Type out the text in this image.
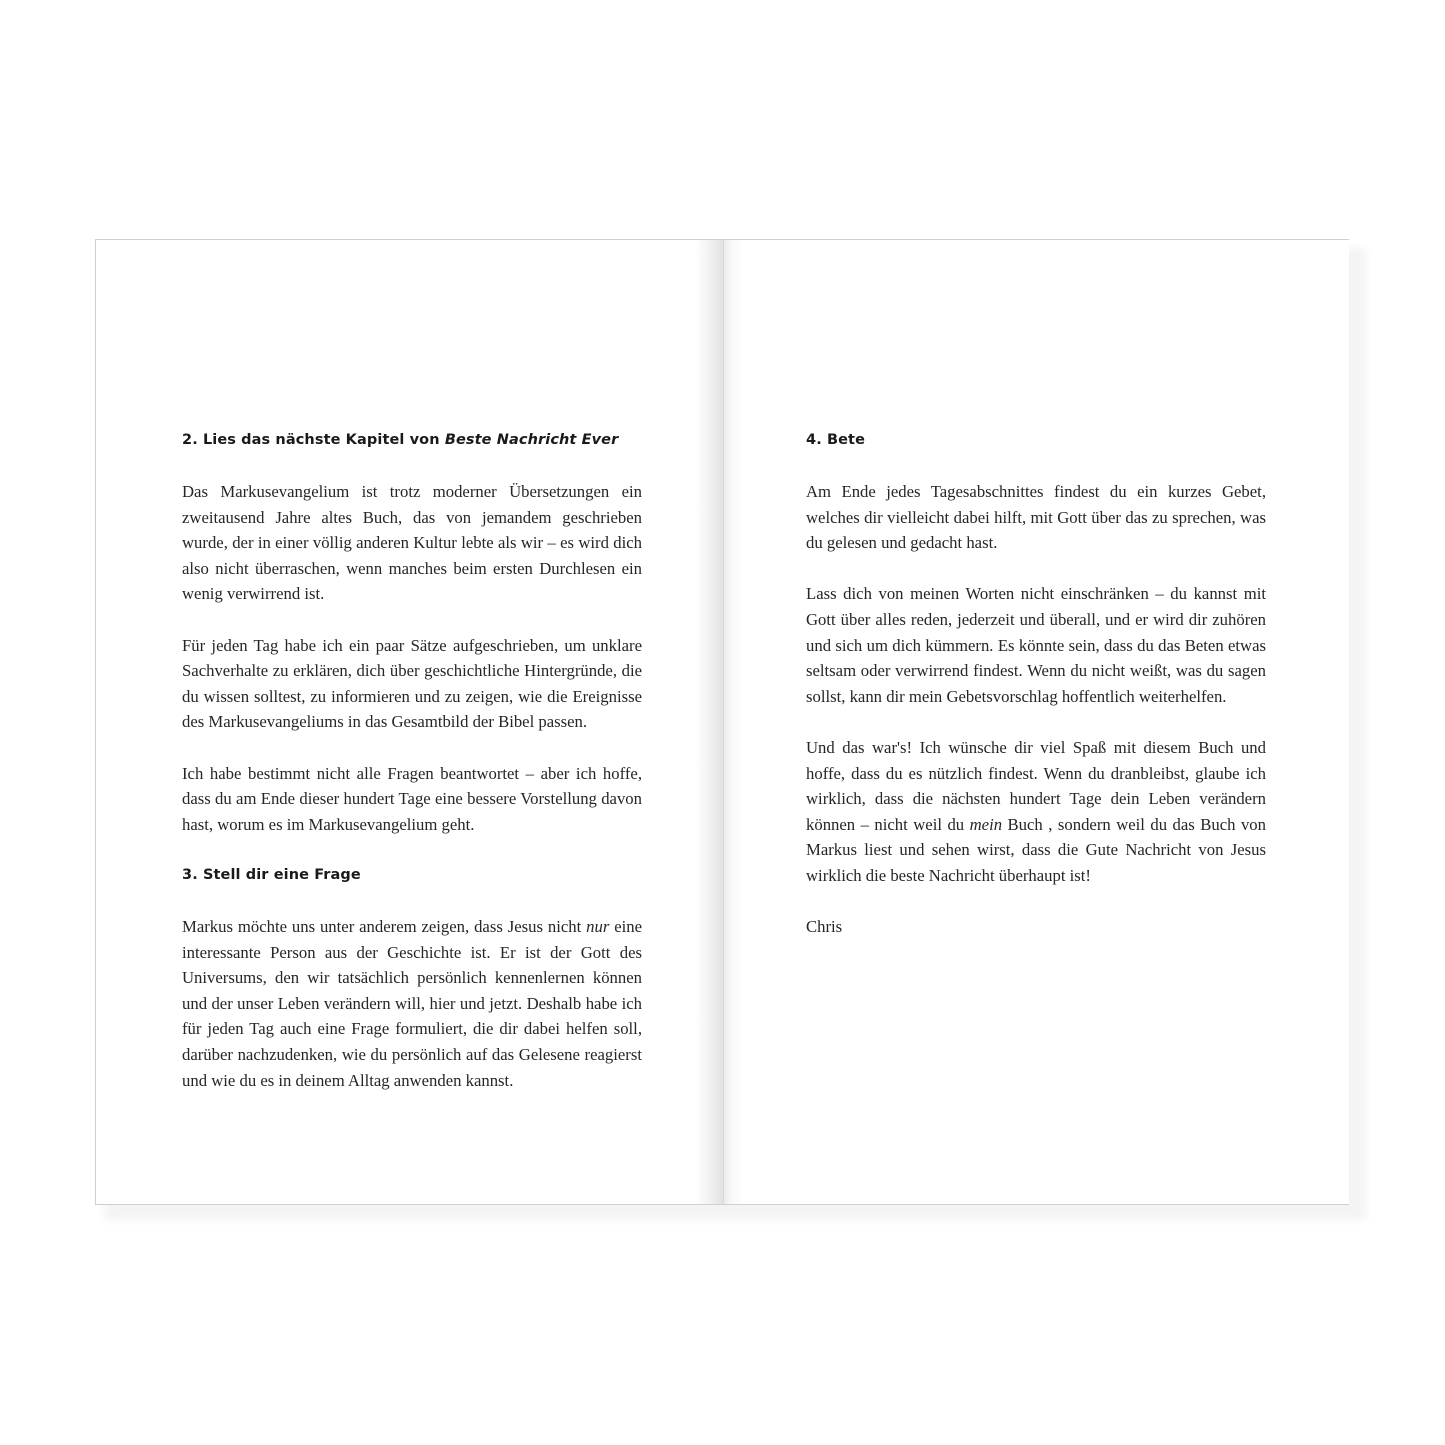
2. Lies das nächste Kapitel von Beste Nachricht Ever

Das Markusevangelium ist trotz moderner Übersetzungen ein zweitausend Jahre altes Buch, das von jemandem geschrieben wurde, der in einer völlig anderen Kultur lebte als wir – es wird dich also nicht überraschen, wenn manches beim ersten Durchlesen ein wenig verwirrend ist.

Für jeden Tag habe ich ein paar Sätze aufgeschrieben, um unklare Sachverhalte zu erklären, dich über geschichtliche Hintergründe, die du wissen solltest, zu informieren und zu zeigen, wie die Ereignisse des Markusevangeliums in das Gesamtbild der Bibel passen.

Ich habe bestimmt nicht alle Fragen beantwortet – aber ich hoffe, dass du am Ende dieser hundert Tage eine bessere Vorstellung davon hast, worum es im Markusevangelium geht.

3. Stell dir eine Frage

Markus möchte uns unter anderem zeigen, dass Jesus nicht nur eine interessante Person aus der Geschichte ist. Er ist der Gott des Universums, den wir tatsächlich persönlich kennenlernen können und der unser Leben verändern will, hier und jetzt. Deshalb habe ich für jeden Tag auch eine Frage formuliert, die dir dabei helfen soll, darüber nachzudenken, wie du persönlich auf das Gelesene reagierst und wie du es in deinem Alltag anwenden kannst.

4. Bete

Am Ende jedes Tagesabschnittes findest du ein kurzes Gebet, welches dir vielleicht dabei hilft, mit Gott über das zu sprechen, was du gelesen und gedacht hast.

Lass dich von meinen Worten nicht einschränken – du kannst mit Gott über alles reden, jederzeit und überall, und er wird dir zuhören und sich um dich kümmern. Es könnte sein, dass du das Beten etwas seltsam oder verwirrend findest. Wenn du nicht weißt, was du sagen sollst, kann dir mein Gebetsvorschlag hoffentlich weiterhelfen.

Und das war's! Ich wünsche dir viel Spaß mit diesem Buch und hoffe, dass du es nützlich findest. Wenn du dranbleibst, glaube ich wirklich, dass die nächsten hundert Tage dein Leben verändern können – nicht weil du mein Buch , sondern weil du das Buch von Markus liest und sehen wirst, dass die Gute Nachricht von Jesus wirklich die beste Nachricht überhaupt ist!

Chris
